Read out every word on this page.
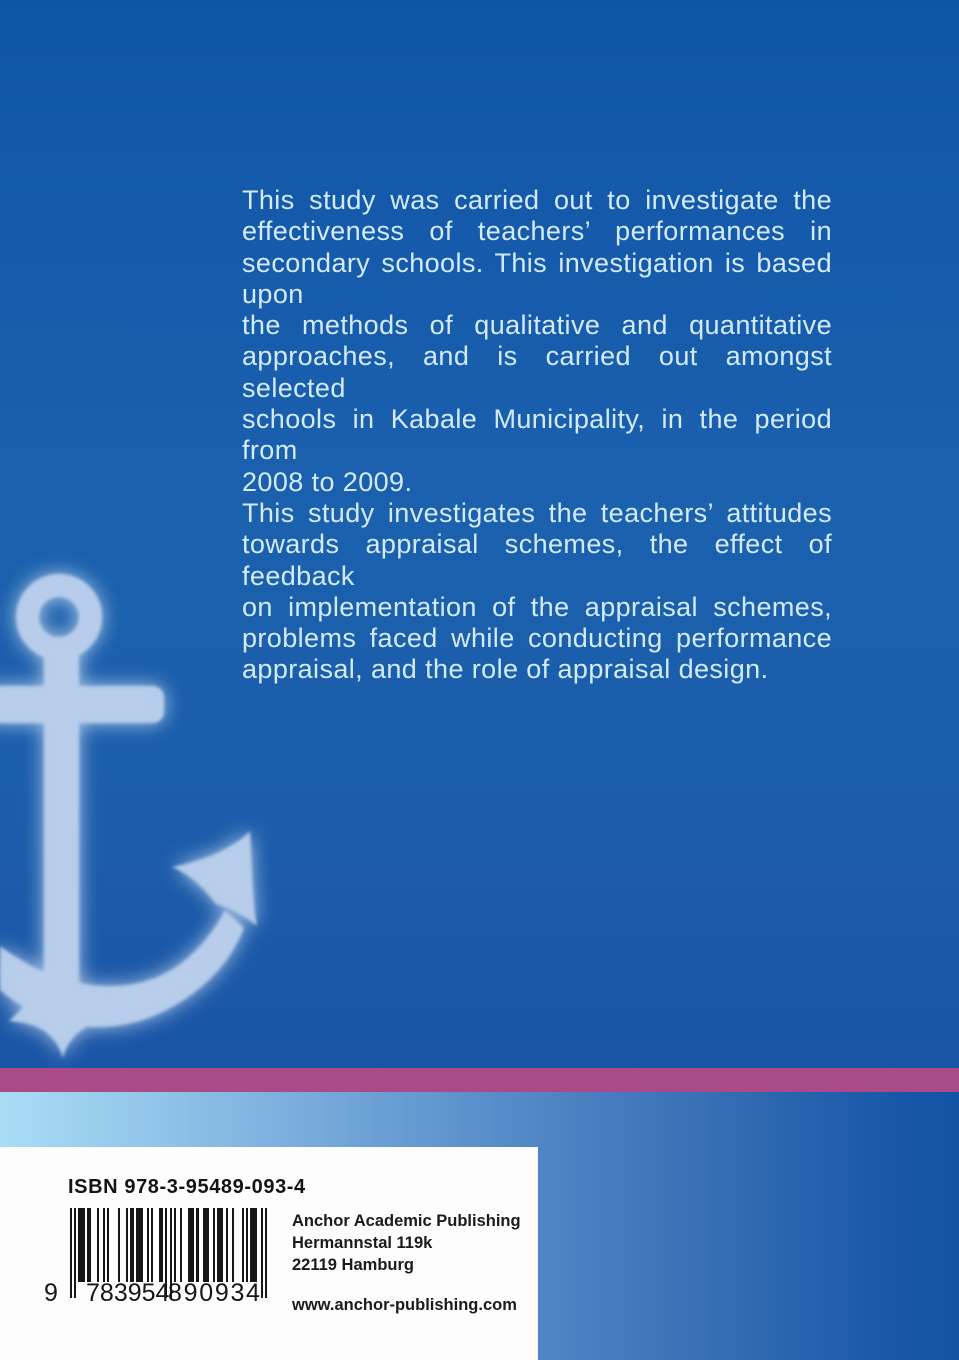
This study was carried out to investigate the
effectiveness of teachers’ performances in
secondary schools. This investigation is based upon
the methods of qualitative and quantitative
approaches, and is carried out amongst selected
schools in Kabale Municipality, in the period from
2008 to 2009.
This study investigates the teachers’ attitudes
towards appraisal schemes, the effect of feedback
on implementation of the appraisal schemes,
problems faced while conducting performance
appraisal, and the role of appraisal design.
ISBN 978-3-95489-093-4
9 7 8 3 9 5 4
8 9 0 9 3 4
Anchor Academic Publishing
Hermannstal 119k
22119 Hamburg
www.anchor-publishing.com
